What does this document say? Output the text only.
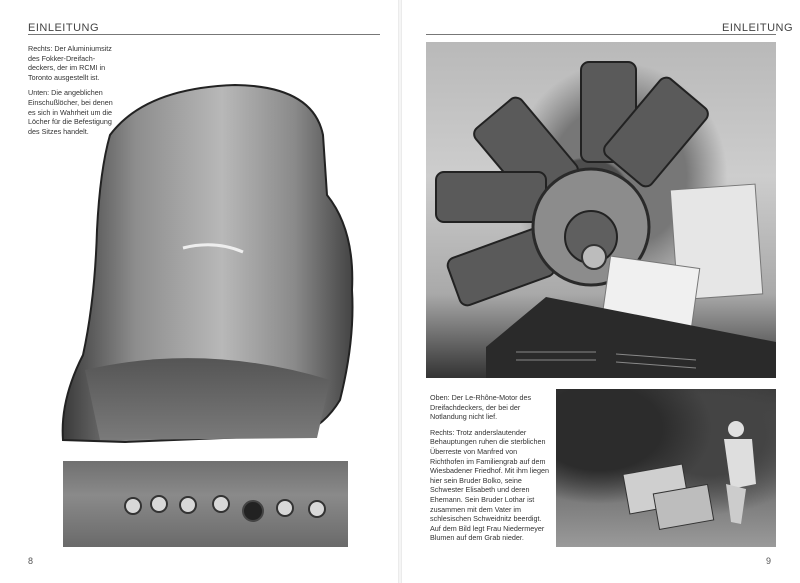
EINLEITUNG

Rechts: Der Aluminiumsitz des Fokker-Dreifach-deckers, der im RCMI in Toronto ausgestellt ist.

Unten: Die angeblichen Einschußlöcher, bei denen es sich in Wahrheit um die Löcher für die Befestigung des Sitzes handelt.

8
EINLEITUNG

Oben: Der Le-Rhône-Motor des Dreifachdeckers, der bei der Notlandung nicht lief.

Rechts: Trotz anderslautender Behauptungen ruhen die sterblichen Überreste von Manfred von Richthofen im Familiengrab auf dem Wiesbadener Friedhof. Mit ihm liegen hier sein Bruder Bolko, seine Schwester Elisabeth und deren Ehemann. Sein Bruder Lothar ist zusammen mit dem Vater im schlesischen Schweidnitz beerdigt. Auf dem Bild legt Frau Niedermeyer Blumen auf dem Grab nieder.

9
